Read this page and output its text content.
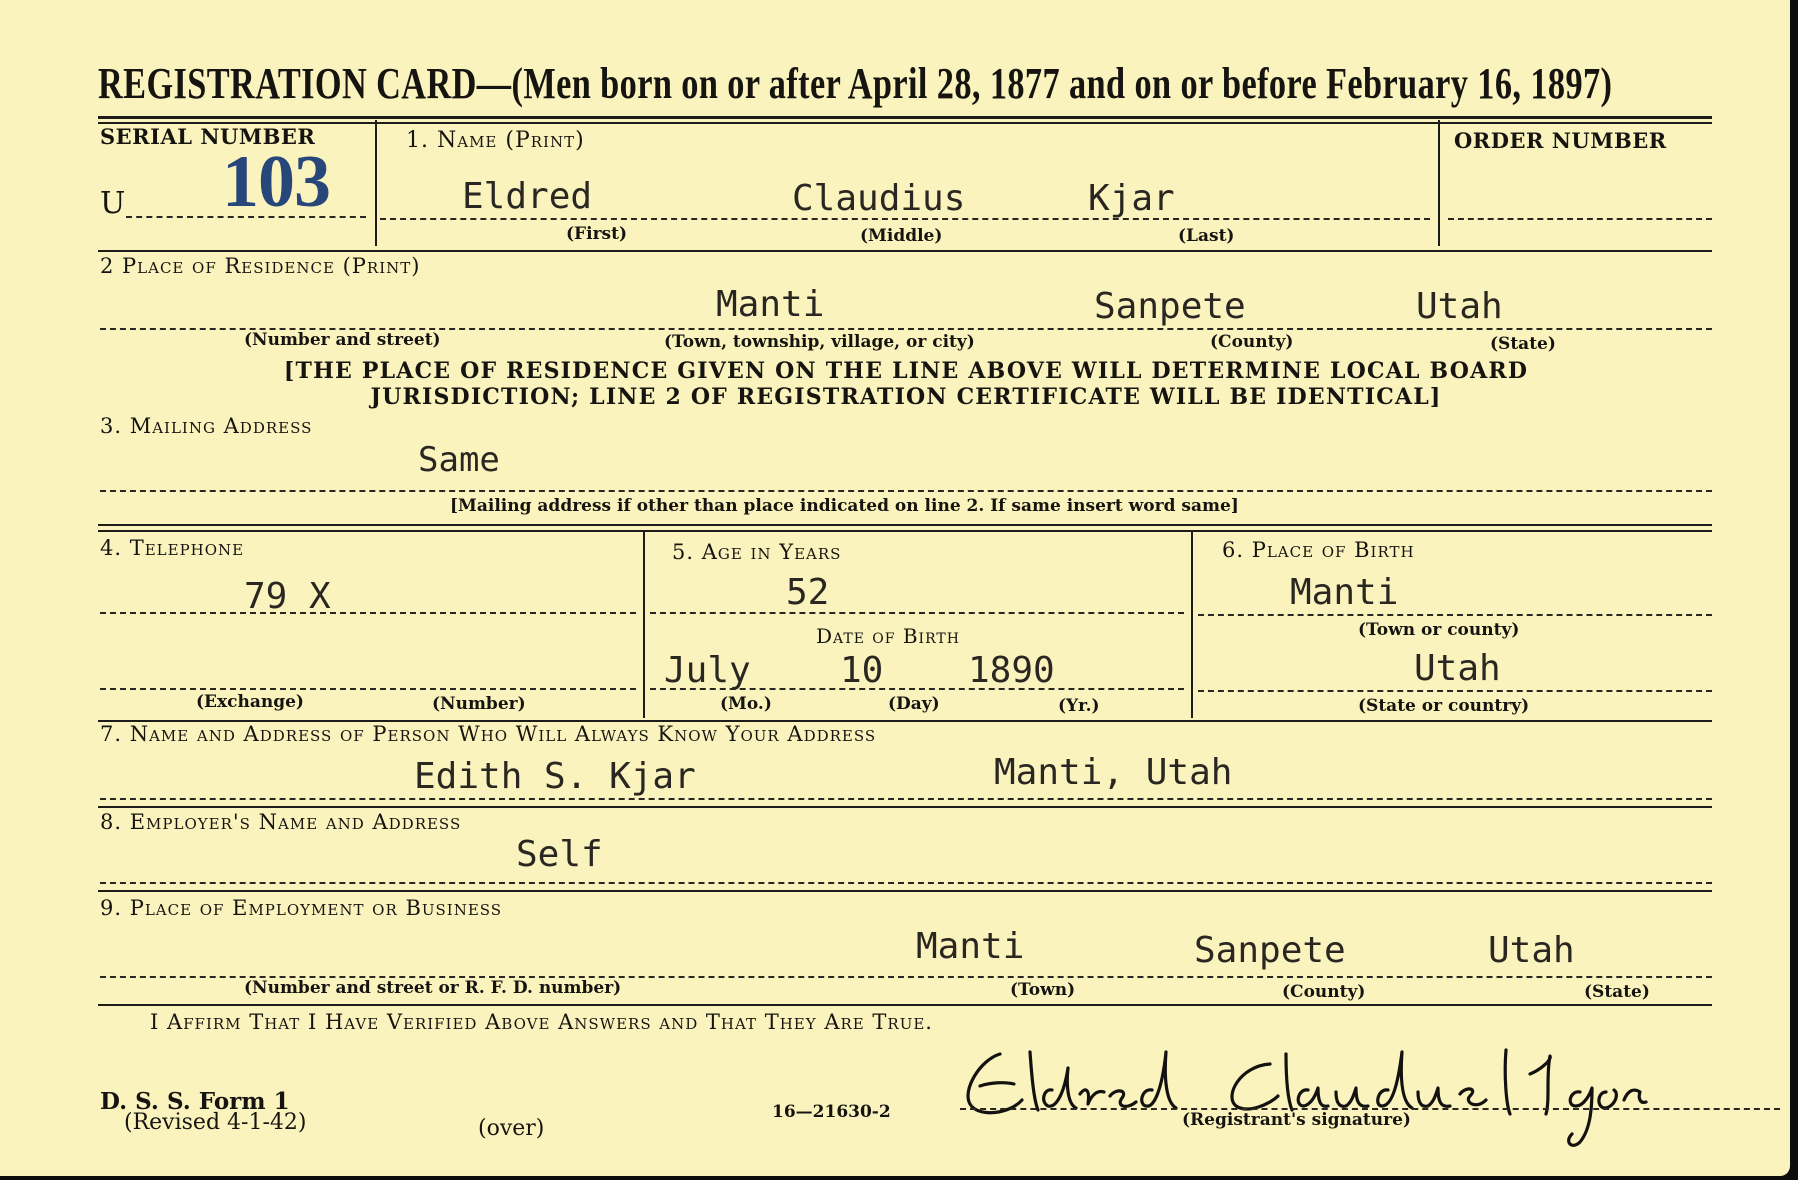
REGISTRATION CARD—(Men born on or after April 28, 1877 and on or before February 16, 1897)
SERIAL NUMBER
U 103
1. Name (Print)
Eldred	Claudius	Kjar
(First)	(Middle)	(Last)
ORDER NUMBER
2 Place of Residence (Print)
Manti	Sanpete	Utah
(Number and street)	(Town, township, village, or city)	(County)	(State)
[THE PLACE OF RESIDENCE GIVEN ON THE LINE ABOVE WILL DETERMINE LOCAL BOARD
JURISDICTION; LINE 2 OF REGISTRATION CERTIFICATE WILL BE IDENTICAL]
3. Mailing Address
Same
[Mailing address if other than place indicated on line 2. If same insert word same]
4. Telephone
79 X
(Exchange)	(Number)
5. Age in Years
52
Date of Birth
July 10 1890
(Mo.)	(Day)	(Yr.)
6. Place of Birth
Manti
(Town or county)
Utah
(State or country)
7. Name and Address of Person Who Will Always Know Your Address
Edith S. Kjar	Manti, Utah
8. Employer's Name and Address
Self
9. Place of Employment or Business
Manti	Sanpete	Utah
(Number and street or R. F. D. number)	(Town)	(County)	(State)
I Affirm That I Have Verified Above Answers and That They Are True.
D. S. S. Form 1
(Revised 4-1-42)	(over)
16—21630-2	(Registrant's signature)
